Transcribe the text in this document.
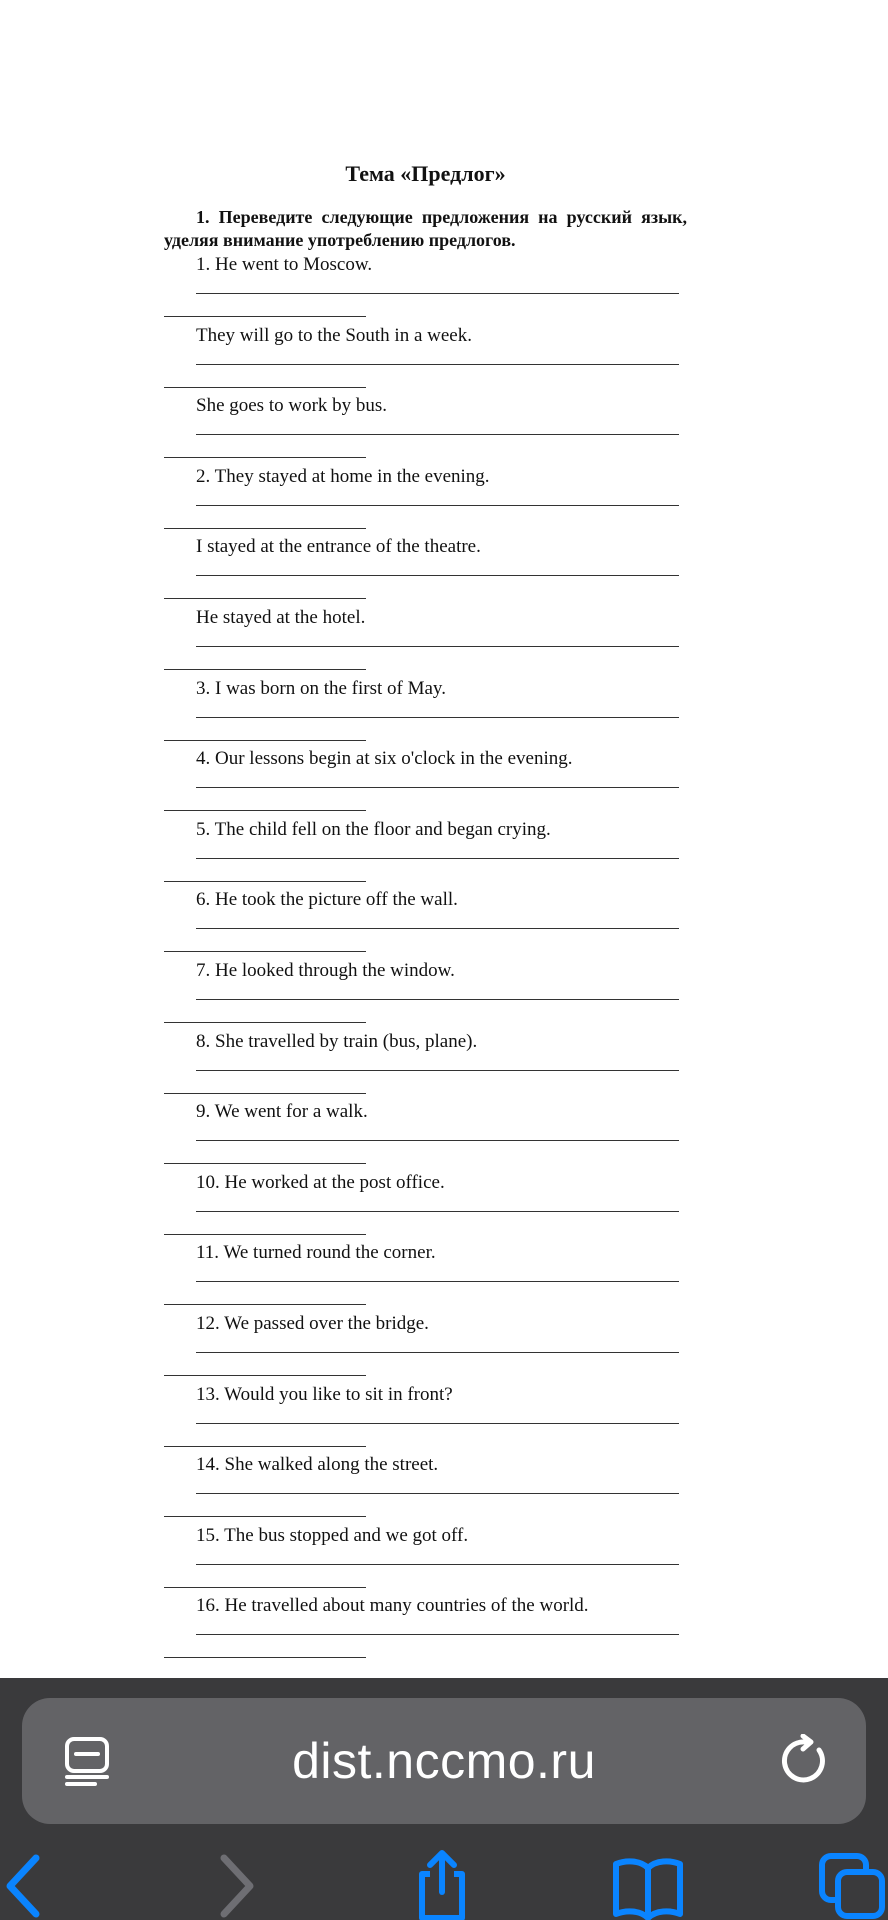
Тема «Предлог»

1. Переведите следующие предложения на русский язык, уделяя внимание употреблению предлогов.

1. He went to Moscow.
They will go to the South in a week.
She goes to work by bus.
2. They stayed at home in the evening.
I stayed at the entrance of the theatre.
He stayed at the hotel.
3. I was born on the first of May.
4. Our lessons begin at six o'clock in the evening.
5. The child fell on the floor and began crying.
6. He took the picture off the wall.
7. He looked through the window.
8. She travelled by train (bus, plane).
9. We went for a walk.
10. He worked at the post office.
11. We turned round the corner.
12. We passed over the bridge.
13. Would you like to sit in front?
14. She walked along the street.
15. The bus stopped and we got off.
16. He travelled about many countries of the world.
dist.nccmo.ru
